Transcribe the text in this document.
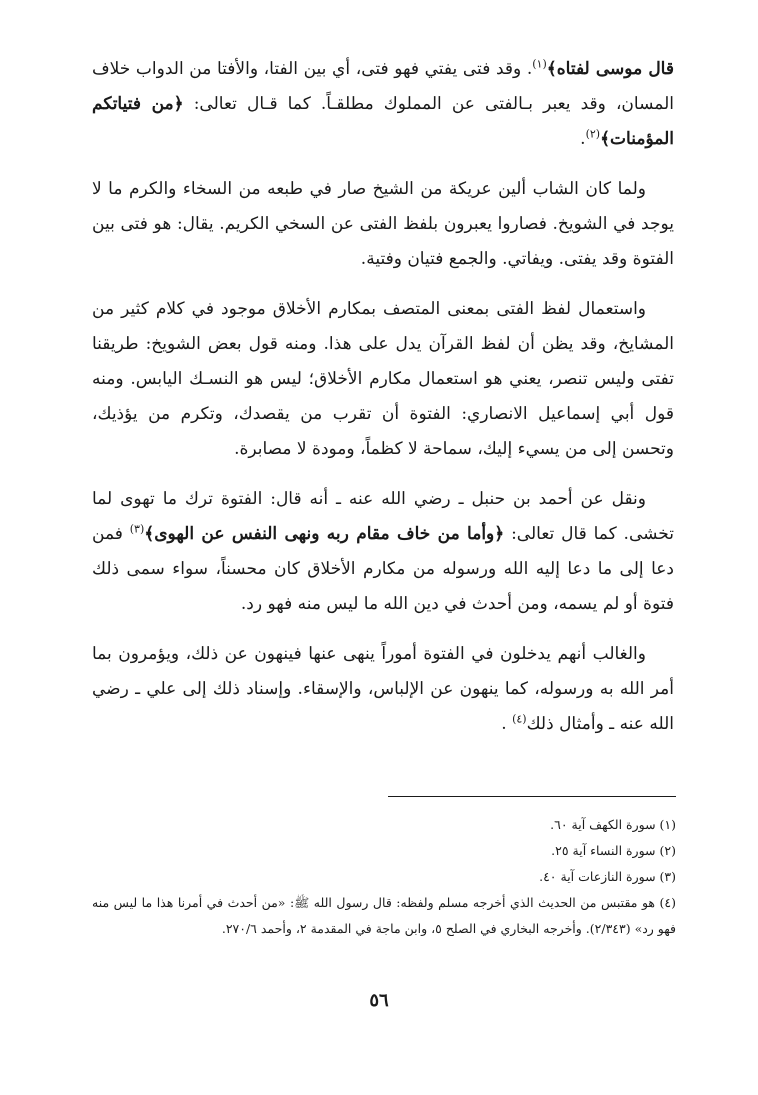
قال موسى لفتاه﴾$^{(١)}$. وقد فتى يفتي فهو فتى، أي بين الفتا، والأفتا من الدواب خلاف المسان، وقد يعبر بـالفتى عن المملوك مطلقـاً. كما قـال تعالى: ﴿من فتياتكم المؤمنات﴾$^{(٢)}$.

ولما كان الشاب ألين عريكة من الشيخ صار في طبعه من السخاء والكرم ما لا يوجد في الشويخ. فصاروا يعبرون بلفظ الفتى عن السخي الكريم. يقال: هو فتى بين الفتوة وقد يفتى. ويفاتي. والجمع فتيان وفتية.

واستعمال لفظ الفتى بمعنى المتصف بمكارم الأخلاق موجود في كلام كثير من المشايخ، وقد يظن أن لفظ القرآن يدل على هذا. ومنه قول بعض الشويخ: طريقنا تفتى وليس تنصر، يعني هو استعمال مكارم الأخلاق؛ ليس هو النسـك اليابس. ومنه قول أبي إسماعيل الانصاري: الفتوة أن تقرب من يقصدك، وتكرم من يؤذيك، وتحسن إلى من يسيء إليك، سماحة لا كظماً، ومودة لا مصابرة.

ونقل عن أحمد بن حنبل ـ رضي الله عنه ـ أنه قال: الفتوة ترك ما تهوى لما تخشى. كما قال تعالى: ﴿وأما من خاف مقام ربه ونهى النفس عن الهوى﴾$^{(٣)}$ فمن دعا إلى ما دعا إليه الله ورسوله من مكارم الأخلاق كان محسناً، سواء سمى ذلك فتوة أو لم يسمه، ومن أحدث في دين الله ما ليس منه فهو رد.

والغالب أنهم يدخلون في الفتوة أموراً ينهى عنها فينهون عن ذلك، ويؤمرون بما أمر الله به ورسوله، كما ينهون عن الإلباس، والإسقاء. وإسناد ذلك إلى علي ـ رضي الله عنه ـ وأمثال ذلك$^{(٤)}$ .

(١) سورة الكهف آية ٦٠.

(٢) سورة النساء آية ٢٥.

(٣) سورة النازعات آية ٤٠.

(٤) هو مقتبس من الحديث الذي أخرجه مسلم ولفظه: قال رسول الله ﷺ: «من أحدث في أمرنا هذا ما ليس منه فهو رد» (٢/٣٤٣). وأخرجه البخاري في الصلح ٥، وابن ماجة في المقدمة ٢، وأحمد ٢٧٠/٦.

٥٦
